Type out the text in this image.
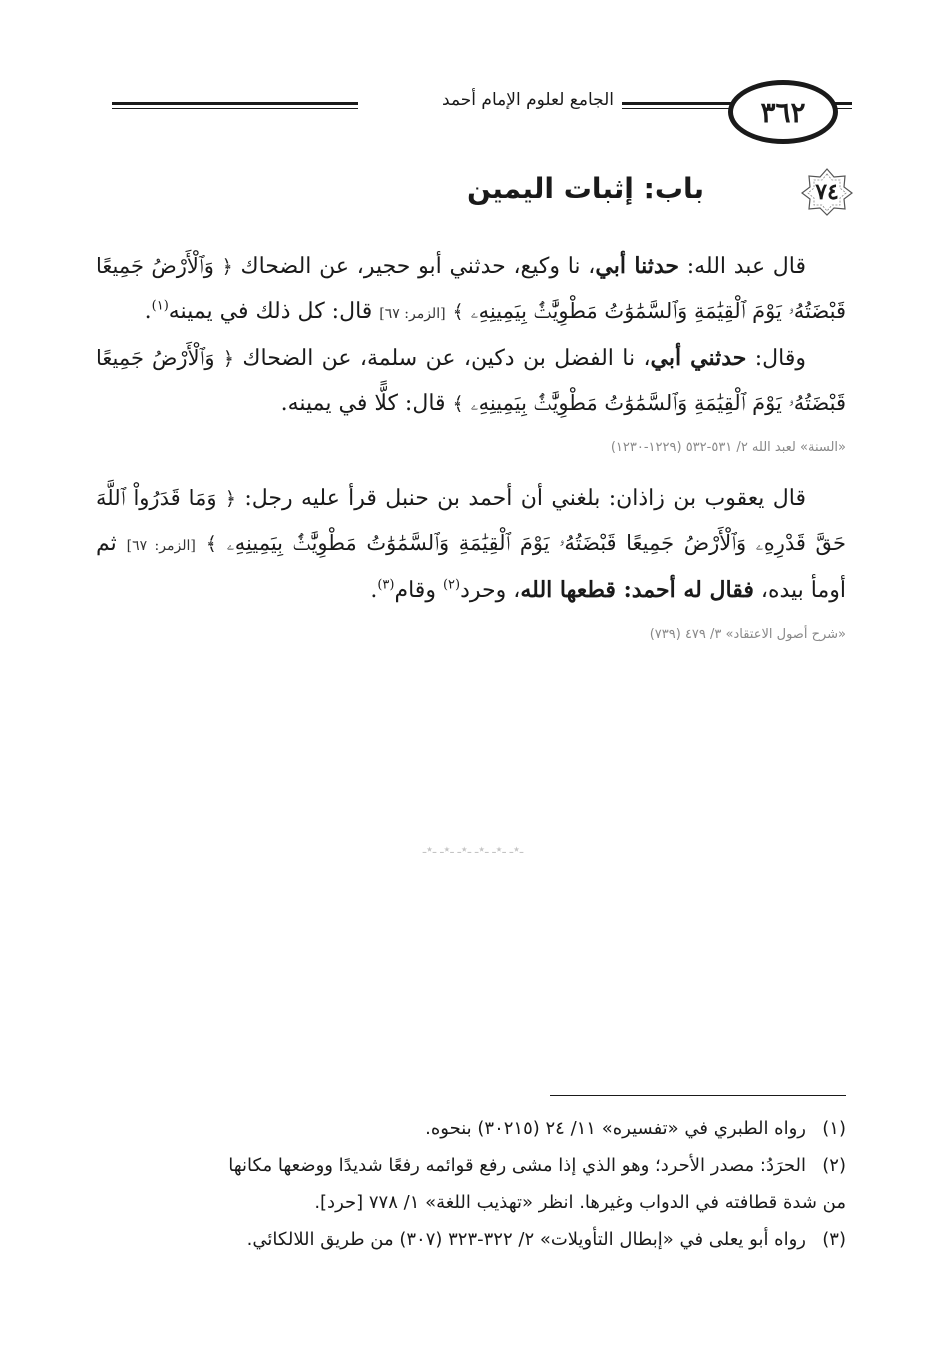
٣٦٢
الجامع لعلوم الإمام أحمد
٧٤
باب: إثبات اليمين

قال عبد الله: حدثنا أبي، نا وكيع، حدثني أبو حجير، عن الضحاك ﴿ وَٱلْأَرْضُ جَمِيعًا قَبْضَتُهُۥ يَوْمَ ٱلْقِيَٰمَةِ وَٱلسَّمَٰوَٰتُ مَطْوِيَّٰتٌۢ بِيَمِينِهِۦ ﴾ [الزمر: ٦٧] قال: كل ذلك في يمينه$^{(١)}$.

وقال: حدثني أبي، نا الفضل بن دكين، عن سلمة، عن الضحاك ﴿ وَٱلْأَرْضُ جَمِيعًا قَبْضَتُهُۥ يَوْمَ ٱلْقِيَٰمَةِ وَٱلسَّمَٰوَٰتُ مَطْوِيَّٰتٌۢ بِيَمِينِهِۦ ﴾ قال: كلًّا في يمينه.

«السنة» لعبد الله ٢/ ٥٣١-٥٣٢ (١٢٢٩-١٢٣٠)

قال يعقوب بن زاذان: بلغني أن أحمد بن حنبل قرأ عليه رجل: ﴿ وَمَا قَدَرُواْ ٱللَّهَ حَقَّ قَدْرِهِۦ وَٱلْأَرْضُ جَمِيعًا قَبْضَتُهُۥ يَوْمَ ٱلْقِيَٰمَةِ وَٱلسَّمَٰوَٰتُ مَطْوِيَّٰتٌۢ بِيَمِينِهِۦ ﴾ [الزمر: ٦٧] ثم أومأ بيده، فقال له أحمد: قطعها الله، وحرد$^{(٢)}$ وقام$^{(٣)}$.

«شرح أصول الاعتقاد» ٣/ ٤٧٩ (٧٣٩)
ـ٭ـ ـ٭ـ ـ٭ـ ـ٭ـ ـ٭ـ ـ٭ـ

(١)رواه الطبري في «تفسيره» ١١/ ٢٤ (٣٠٢١٥) بنحوه.

(٢)الحرَدُ: مصدر الأحرد؛ وهو الذي إذا مشى رفع قوائمه رفعًا شديدًا ووضعها مكانها

من شدة قطافته في الدواب وغيرها. انظر «تهذيب اللغة» ١/ ٧٧٨ [حرد].

(٣)رواه أبو يعلى في «إبطال التأويلات» ٢/ ٣٢٢-٣٢٣ (٣٠٧) من طريق اللالكائي.
